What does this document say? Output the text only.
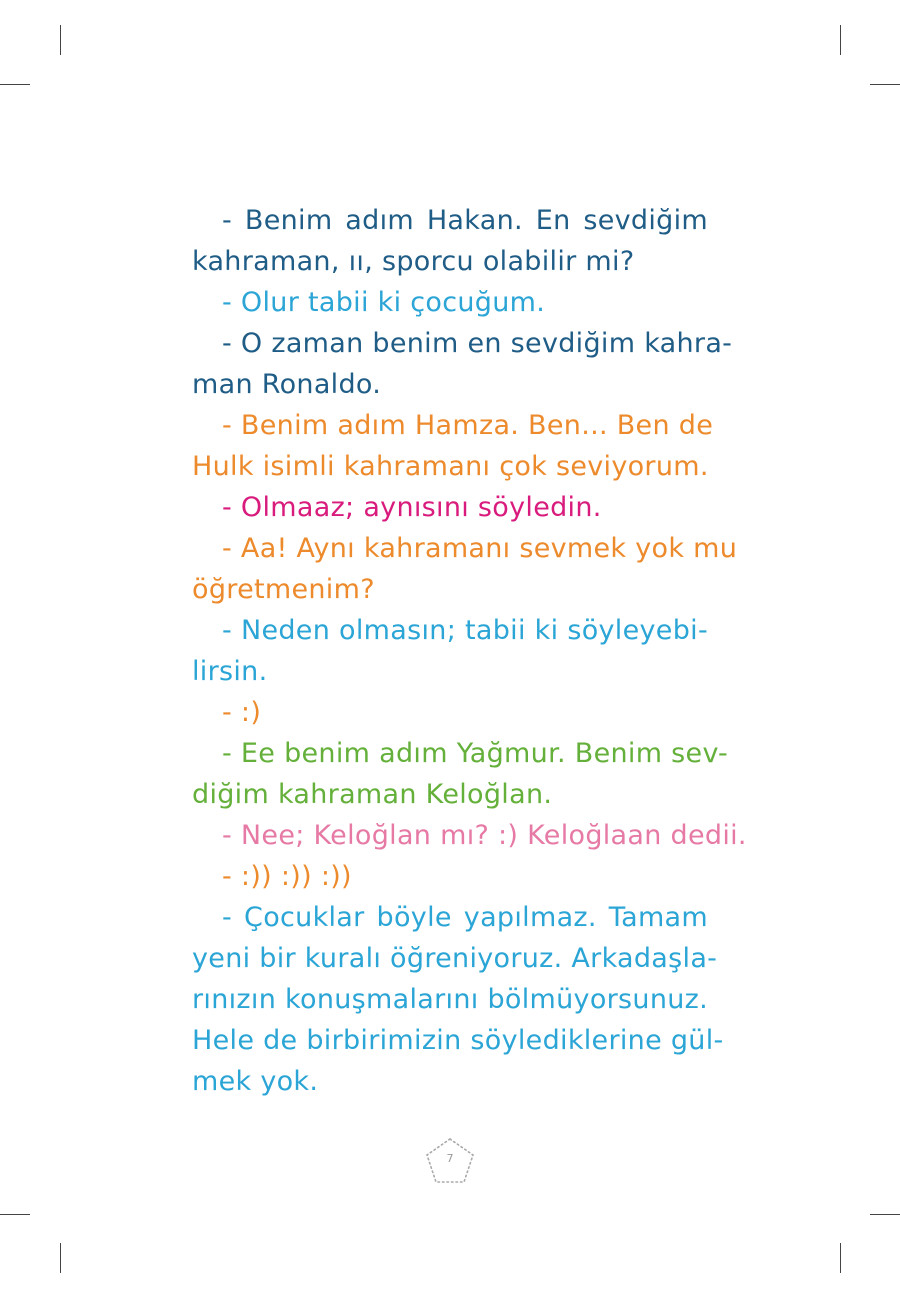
- Benim adım Hakan. En sevdiğim
kahraman, ıı, sporcu olabilir mi?
- Olur tabii ki çocuğum.
- O zaman benim en sevdiğim kahra-
man Ronaldo.
- Benim adım Hamza. Ben... Ben de
Hulk isimli kahramanı çok seviyorum.
- Olmaaz; aynısını söyledin.
- Aa! Aynı kahramanı sevmek yok mu
öğretmenim?
- Neden olmasın; tabii ki söyleyebi-
lirsin.
- :)
- Ee benim adım Yağmur. Benim sev-
diğim kahraman Keloğlan.
- Nee; Keloğlan mı? :) Keloğlaan dedii.
- :)) :)) :))
- Çocuklar böyle yapılmaz. Tamam
yeni bir kuralı öğreniyoruz. Arkadaşla-
rınızın konuşmalarını bölmüyorsunuz.
Hele de birbirimizin söylediklerine gül-
mek yok.
7
